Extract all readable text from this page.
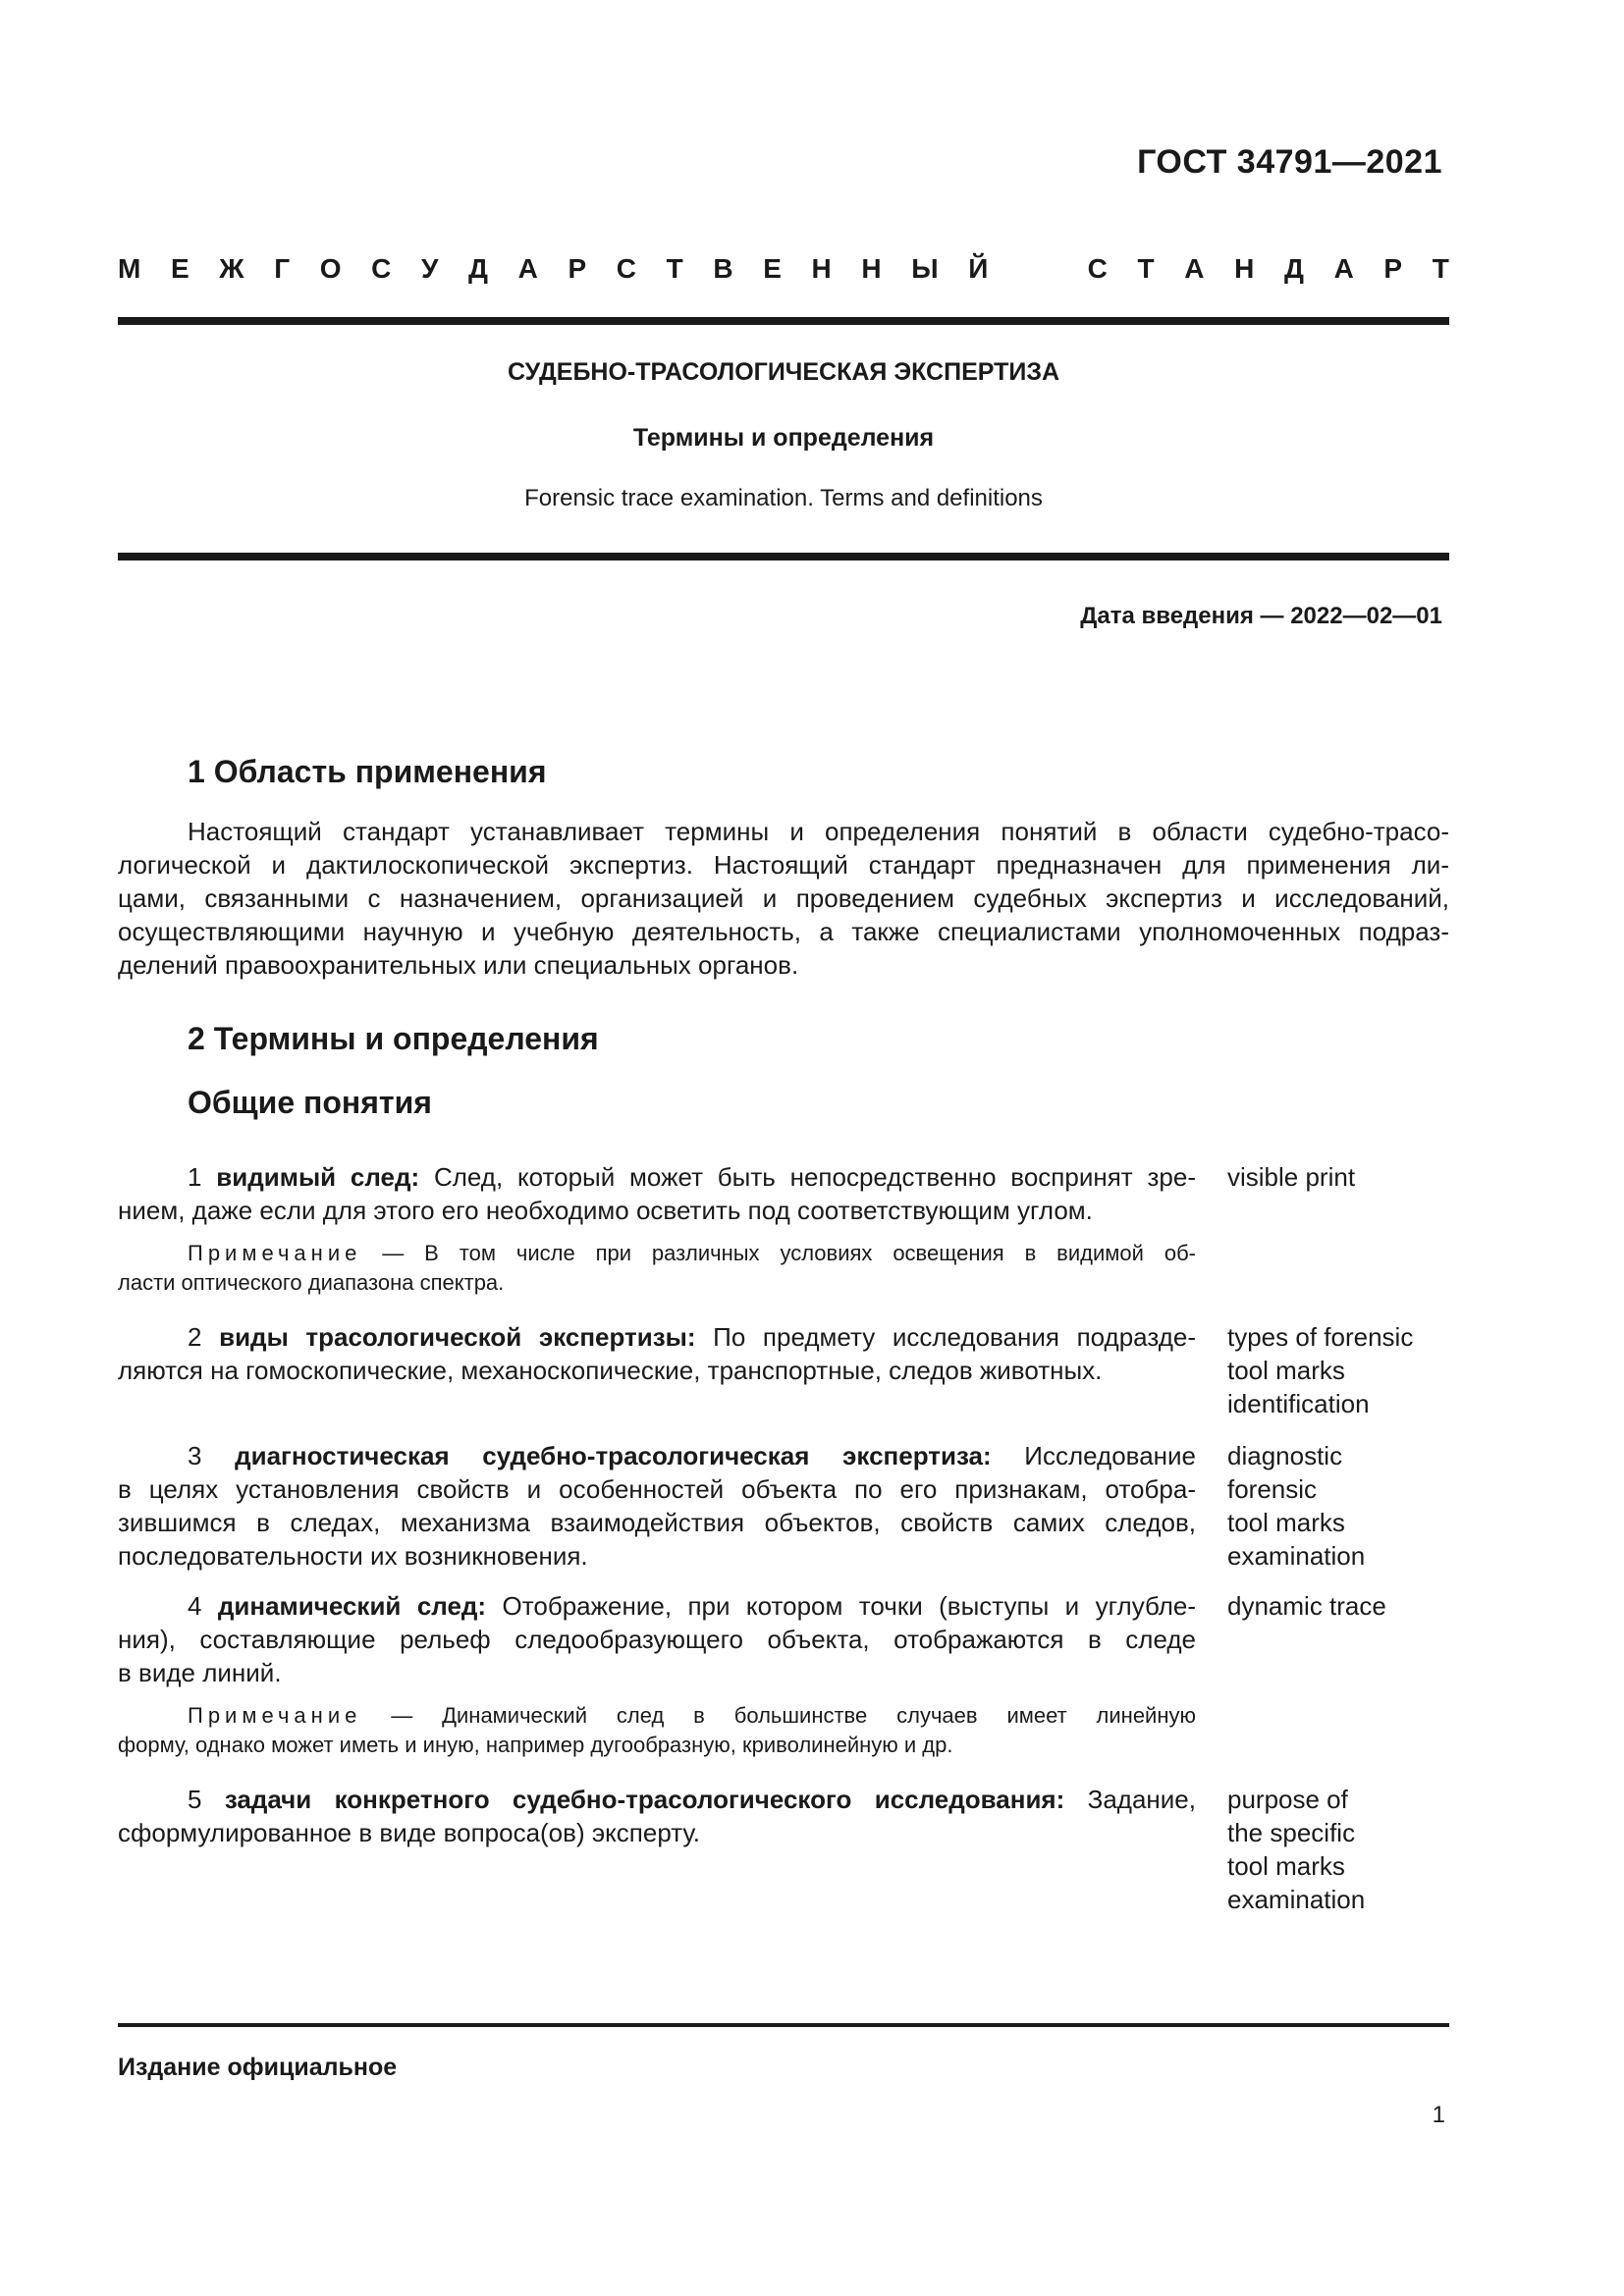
ГОСТ 34791—2021
М Е Ж Г О С У Д А Р С Т В Е Н Н Ы Й	С Т А Н Д А Р Т
СУДЕБНО-ТРАСОЛОГИЧЕСКАЯ ЭКСПЕРТИЗА
Термины и определения
Forensic trace examination. Terms and definitions
Дата введения — 2022—02—01
1 Область применения
Настоящий стандарт устанавливает термины и определения понятий в области судебно-трасо-
логической и дактилоскопической экспертиз. Настоящий стандарт предназначен для применения ли-
цами, связанными с назначением, организацией и проведением судебных экспертиз и исследований,
осуществляющими научную и учебную деятельность, а также специалистами уполномоченных подраз-
делений правоохранительных или специальных органов.
2 Термины и определения
Общие понятия
1 видимый след: След, который может быть непосредственно воспринят зре-
нием, даже если для этого его необходимо осветить под соответствующим углом.
visible print
Примечание — В том числе при различных условиях освещения в видимой об-
ласти оптического диапазона спектра.
2 виды трасологической экспертизы: По предмету исследования подразде-
ляются на гомоскопические, механоскопические, транспортные, следов животных.
types of forensic
tool marks
identification
3 диагностическая судебно-трасологическая экспертиза: Исследование
в целях установления свойств и особенностей объекта по его признакам, отобра-
зившимся в следах, механизма взаимодействия объектов, свойств самих следов,
последовательности их возникновения.
diagnostic
forensic
tool marks
examination
4 динамический след: Отображение, при котором точки (выступы и углубле-
ния), составляющие рельеф следообразующего объекта, отображаются в следе
в виде линий.
dynamic trace
Примечание — Динамический след в большинстве случаев имеет линейную
форму, однако может иметь и иную, например дугообразную, криволинейную и др.
5 задачи конкретного судебно-трасологического исследования: Задание,
сформулированное в виде вопроса(ов) эксперту.
purpose of
the specific
tool marks
examination
Издание официальное
1
